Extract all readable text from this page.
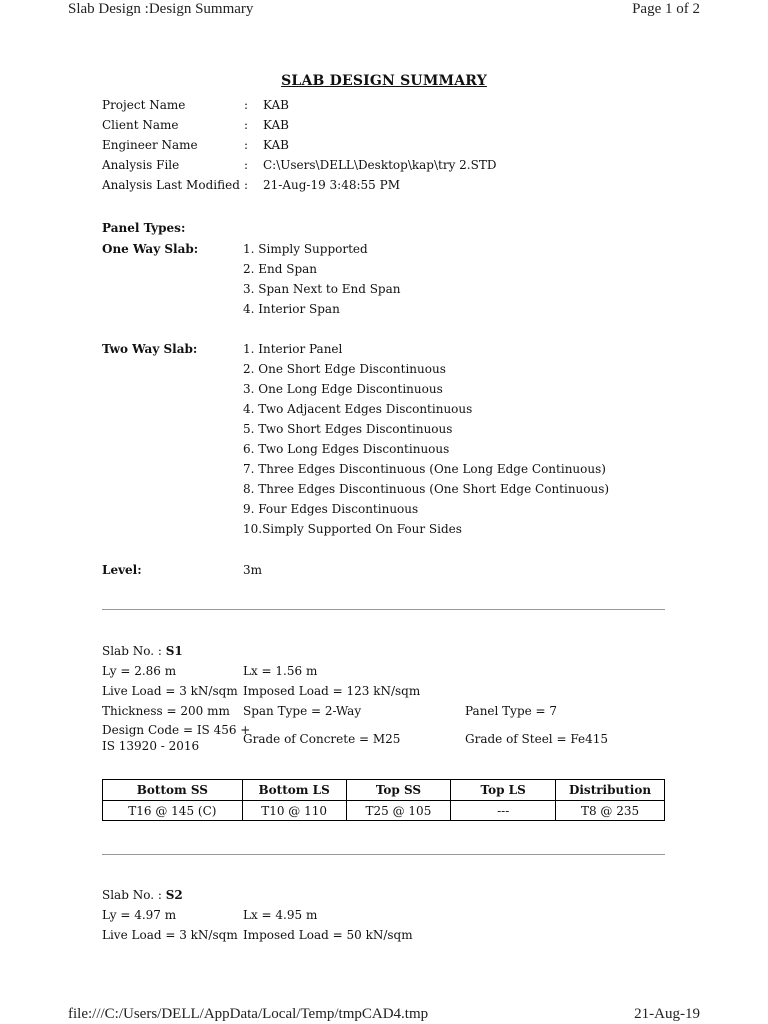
Slab Design :Design Summary	Page 1 of 2
SLAB DESIGN SUMMARY
Project Name	: KAB
Client Name	: KAB
Engineer Name	: KAB
Analysis File	: C:\Users\DELL\Desktop\kap\try 2.STD
Analysis Last Modified : 21-Aug-19 3:48:55 PM
Panel Types:
One Way Slab:	1. Simply Supported
2. End Span
3. Span Next to End Span
4. Interior Span
Two Way Slab:	1. Interior Panel
2. One Short Edge Discontinuous
3. One Long Edge Discontinuous
4. Two Adjacent Edges Discontinuous
5. Two Short Edges Discontinuous
6. Two Long Edges Discontinuous
7. Three Edges Discontinuous (One Long Edge Continuous)
8. Three Edges Discontinuous (One Short Edge Continuous)
9. Four Edges Discontinuous
10.Simply Supported On Four Sides
Level:	3m
Slab No. : S1
Ly = 2.86 m	Lx = 1.56 m
Live Load = 3 kN/sqm Imposed Load = 123 kN/sqm
Thickness = 200 mm Span Type = 2-Way	Panel Type = 7
Design Code = IS 456 +
IS 13920 - 2016	Grade of Concrete = M25	Grade of Steel = Fe415
Bottom SS	Bottom LS	Top SS	Top LS	Distribution
T16 @ 145 (C)	T10 @ 110	T25 @ 105	---	T8 @ 235
Slab No. : S2
Ly = 4.97 m	Lx = 4.95 m
Live Load = 3 kN/sqm Imposed Load = 50 kN/sqm
file:///C:/Users/DELL/AppData/Local/Temp/tmpCAD4.tmp	21-Aug-19
